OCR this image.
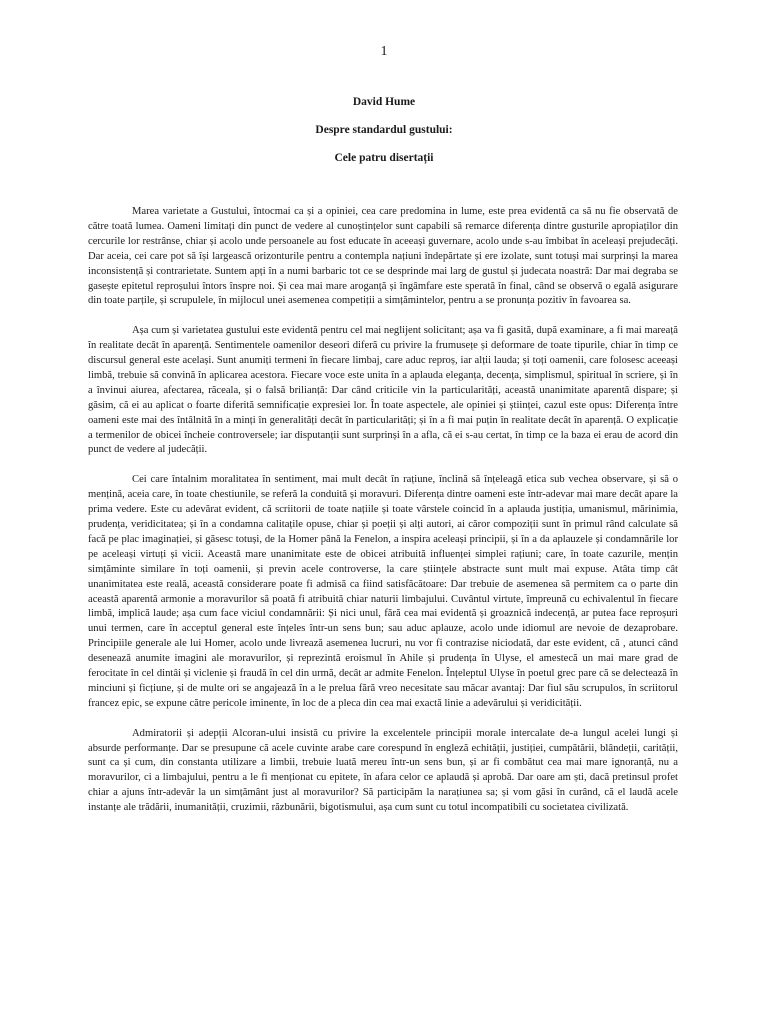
1
David Hume
Despre standardul gustului:
Cele patru disertații

Marea varietate a Gustului, întocmai ca și a opiniei, cea care predomina in lume, este prea evidentă ca să nu fie observată de către toată lumea. Oameni limitați din punct de vedere al cunoștințelor sunt capabili să remarce diferența dintre gusturile apropiaților din cercurile lor restrânse, chiar și acolo unde persoanele au fost educate în aceeași guvernare, acolo unde s-au îmbibat în aceleași prejudecăți. Dar aceia, cei care pot să își largească orizonturile pentru a contempla națiuni îndepărtate și ere izolate, sunt totuși mai surprinși la marea inconsistență și contrarietate. Suntem apți în a numi barbaric tot ce se desprinde mai larg de gustul și judecata noastră: Dar mai degraba se gasește epitetul reproșului întors înspre noi. Și cea mai mare aroganță și îngâmfare este sperată în final, când se observă o egală asigurare din toate parțile, și scrupulele, în mijlocul unei asemenea competiții a simțămintelor, pentru a se pronunța pozitiv în favoarea sa.

Așa cum și varietatea gustului este evidentă pentru cel mai neglijent solicitant; așa va fi gasită, după examinare, a fi mai mareață în realitate decât în aparență. Sentimentele oamenilor deseori diferă cu privire la frumusețe și deformare de toate tipurile, chiar în timp ce discursul general este același. Sunt anumiți termeni în fiecare limbaj, care aduc reproș, iar alții lauda; și toți oamenii, care folosesc aceeași limbă, trebuie să convină în aplicarea acestora. Fiecare voce este unita în a aplauda eleganța, decența, simplismul, spiritual în scriere, și în a învinui aiurea, afectarea, răceala, și o falsă brilianță: Dar când criticile vin la particularități, această unanimitate aparentă dispare; și găsim, că ei au aplicat o foarte diferită semnificație expresiei lor. În toate aspectele, ale opiniei și științei, cazul este opus: Diferența între oameni este mai des întâlnită în a minți în generalități decât în particularități; și în a fi mai puțin în realitate decât în aparență. O explicație a termenilor de obicei încheie controversele; iar disputanții sunt surprinși în a afla, că ei s-au certat, în timp ce la baza ei erau de acord din punct de vedere al judecății.

Cei care întalnim moralitatea în sentiment, mai mult decât în rațiune, înclină să înțeleagă etica sub vechea observare, și să o mențină, aceia care, în toate chestiunile, se referă la conduită și moravuri. Diferența dintre oameni este într-adevar mai mare decât apare la prima vedere. Este cu adevărat evident, că scriitorii de toate națiile și toate vârstele coincid în a aplauda justiția, umanismul, mărinimia, prudența, veridicitatea; și în a condamna calitațile opuse, chiar și poeții și alți autori, ai căror compoziții sunt în primul rând calculate să facă pe plac imaginației, și găsesc totuși, de la Homer până la Fenelon, a inspira aceleași principii, și în a da aplauzele și condamnările lor pe aceleași virtuți și vicii. Această mare unanimitate este de obicei atribuită influenței simplei rațiuni; care, în toate cazurile, mențin simțăminte similare în toți oamenii, și previn acele controverse, la care științele abstracte sunt mult mai expuse. Atâta timp cât unanimitatea este reală, această considerare poate fi admisă ca fiind satisfăcătoare: Dar trebuie de asemenea să permitem ca o parte din această aparentă armonie a moravurilor să poată fi atribuită chiar naturii limbajului. Cuvântul virtute, împreună cu echivalentul în fiecare limbă, implică laude; așa cum face viciul condamnării: Și nici unul, fără cea mai evidentă și groaznică indecență, ar putea face reproșuri unui termen, care în acceptul general este înțeles într-un sens bun; sau aduc aplauze, acolo unde idiomul are nevoie de dezaprobare. Principiile generale ale lui Homer, acolo unde livrează asemenea lucruri, nu vor fi contrazise niciodată, dar este evident, că , atunci când desenează anumite imagini ale moravurilor, și reprezintă eroismul în Ahile și prudența în Ulyse, el amestecă un mai mare grad de ferocitate în cel dintâi și viclenie și fraudă în cel din urmă, decât ar admite Fenelon. Înțeleptul Ulyse în poetul grec pare că se delectează în minciuni și ficțiune, și de multe ori se angajează în a le prelua fără vreo necesitate sau măcar avantaj: Dar fiul său scrupulos, în scriitorul francez epic, se expune către pericole iminente, în loc de a pleca din cea mai exactă linie a adevărului și veridicității.

Admiratorii și adepții Alcoran-ului insistă cu privire la excelentele principii morale intercalate de-a lungul acelei lungi și absurde performanțe. Dar se presupune că acele cuvinte arabe care corespund în engleză echității, justiției, cumpătării, blândeții, carității, sunt ca și cum, din constanta utilizare a limbii, trebuie luată mereu într-un sens bun, și ar fi combătut cea mai mare ignoranță, nu a moravurilor, ci a limbajului, pentru a le fi menționat cu epitete, în afara celor ce aplaudă și aprobă. Dar oare am ști, dacă pretinsul profet chiar a ajuns într-adevăr la un simțământ just al moravurilor? Să participăm la narațiunea sa; și vom găsi în curând, că el laudă acele instanțe ale trădării, inumanității, cruzimii, răzbunării, bigotismului, așa cum sunt cu totul incompatibili cu societatea civilizată.
